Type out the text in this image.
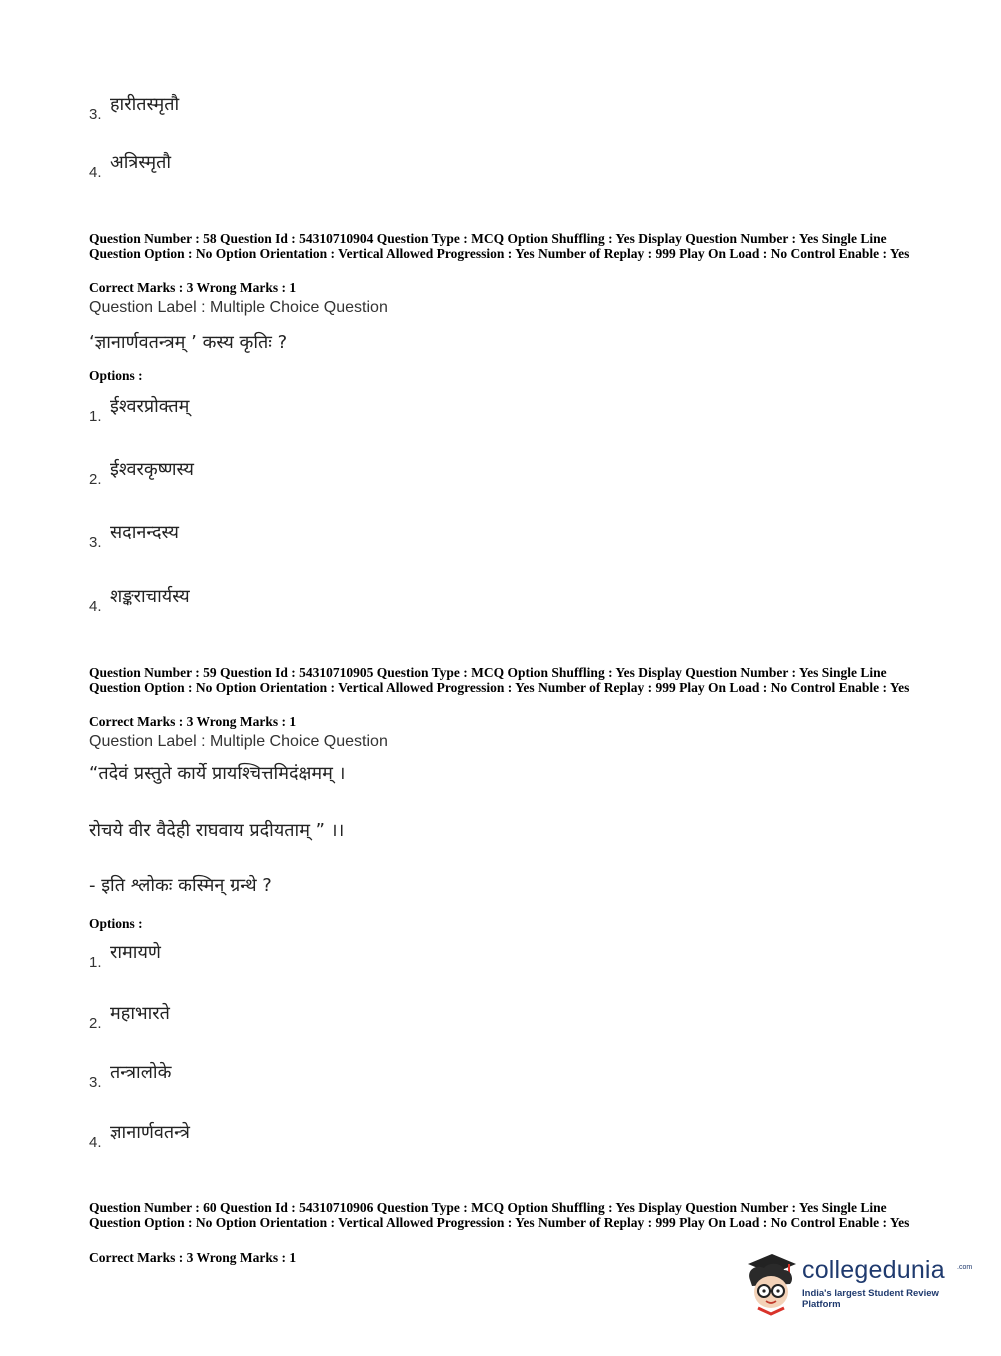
3. हारीतस्मृतौ
4. अत्रिस्मृतौ
Question Number : 58 Question Id : 54310710904 Question Type : MCQ Option Shuffling : Yes Display Question Number : Yes Single Line Question Option : No Option Orientation : Vertical Allowed Progression : Yes Number of Replay : 999 Play On Load : No Control Enable : Yes
Correct Marks : 3 Wrong Marks : 1
Question Label : Multiple Choice Question
‘ज्ञानार्णवतन्त्रम् ’ कस्य कृतिः ?
Options :
1. ईश्वरप्रोक्तम्
2. ईश्वरकृष्णस्य
3. सदानन्दस्य
4. शङ्कराचार्यस्य
Question Number : 59 Question Id : 54310710905 Question Type : MCQ Option Shuffling : Yes Display Question Number : Yes Single Line Question Option : No Option Orientation : Vertical Allowed Progression : Yes Number of Replay : 999 Play On Load : No Control Enable : Yes
Correct Marks : 3 Wrong Marks : 1
Question Label : Multiple Choice Question
“तदेवं प्रस्तुते कार्ये प्रायश्चित्तमिदंक्षमम् ।
रोचये वीर वैदेही राघवाय प्रदीयताम् ” ।।
- इति श्लोकः कस्मिन् ग्रन्थे ?
Options :
1. रामायणे
2. महाभारते
3. तन्त्रालोके
4. ज्ञानार्णवतन्त्रे
Question Number : 60 Question Id : 54310710906 Question Type : MCQ Option Shuffling : Yes Display Question Number : Yes Single Line Question Option : No Option Orientation : Vertical Allowed Progression : Yes Number of Replay : 999 Play On Load : No Control Enable : Yes
Correct Marks : 3 Wrong Marks : 1	collegedunia .com
India's largest Student Review Platform
